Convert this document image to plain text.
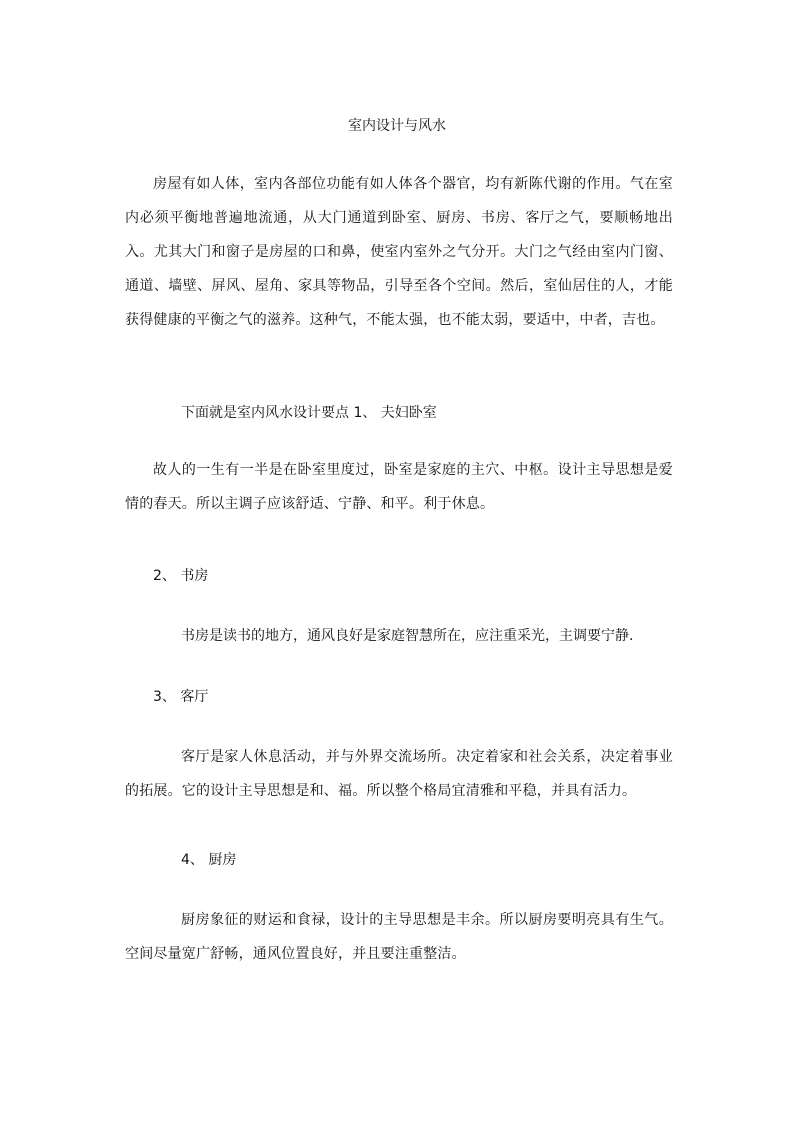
室内设计与风水
房屋有如人体，室内各部位功能有如人体各个器官，均有新陈代谢的作用。气在室内必须平衡地普遍地流通，从大门通道到卧室、厨房、书房、客厅之气，要顺畅地出入。尤其大门和窗子是房屋的口和鼻，使室内室外之气分开。大门之气经由室内门窗、通道、墙壁、屏风、屋角、家具等物品，引导至各个空间。然后，室仙居住的人，才能获得健康的平衡之气的滋养。这种气，不能太强，也不能太弱，要适中，中者，吉也。
下面就是室内风水设计要点 1、 夫妇卧室
故人的一生有一半是在卧室里度过，卧室是家庭的主穴、中枢。设计主导思想是爱情的春天。所以主调子应该舒适、宁静、和平。利于休息。
2、 书房
书房是读书的地方，通风良好是家庭智慧所在，应注重采光，主调要宁静.
3、 客厅
客厅是家人休息活动，并与外界交流场所。决定着家和社会关系，决定着事业的拓展。它的设计主导思想是和、福。所以整个格局宜清雅和平稳，并具有活力。
4、 厨房
厨房象征的财运和食禄，设计的主导思想是丰余。所以厨房要明亮具有生气。空间尽量宽广舒畅，通风位置良好，并且要注重整洁。
